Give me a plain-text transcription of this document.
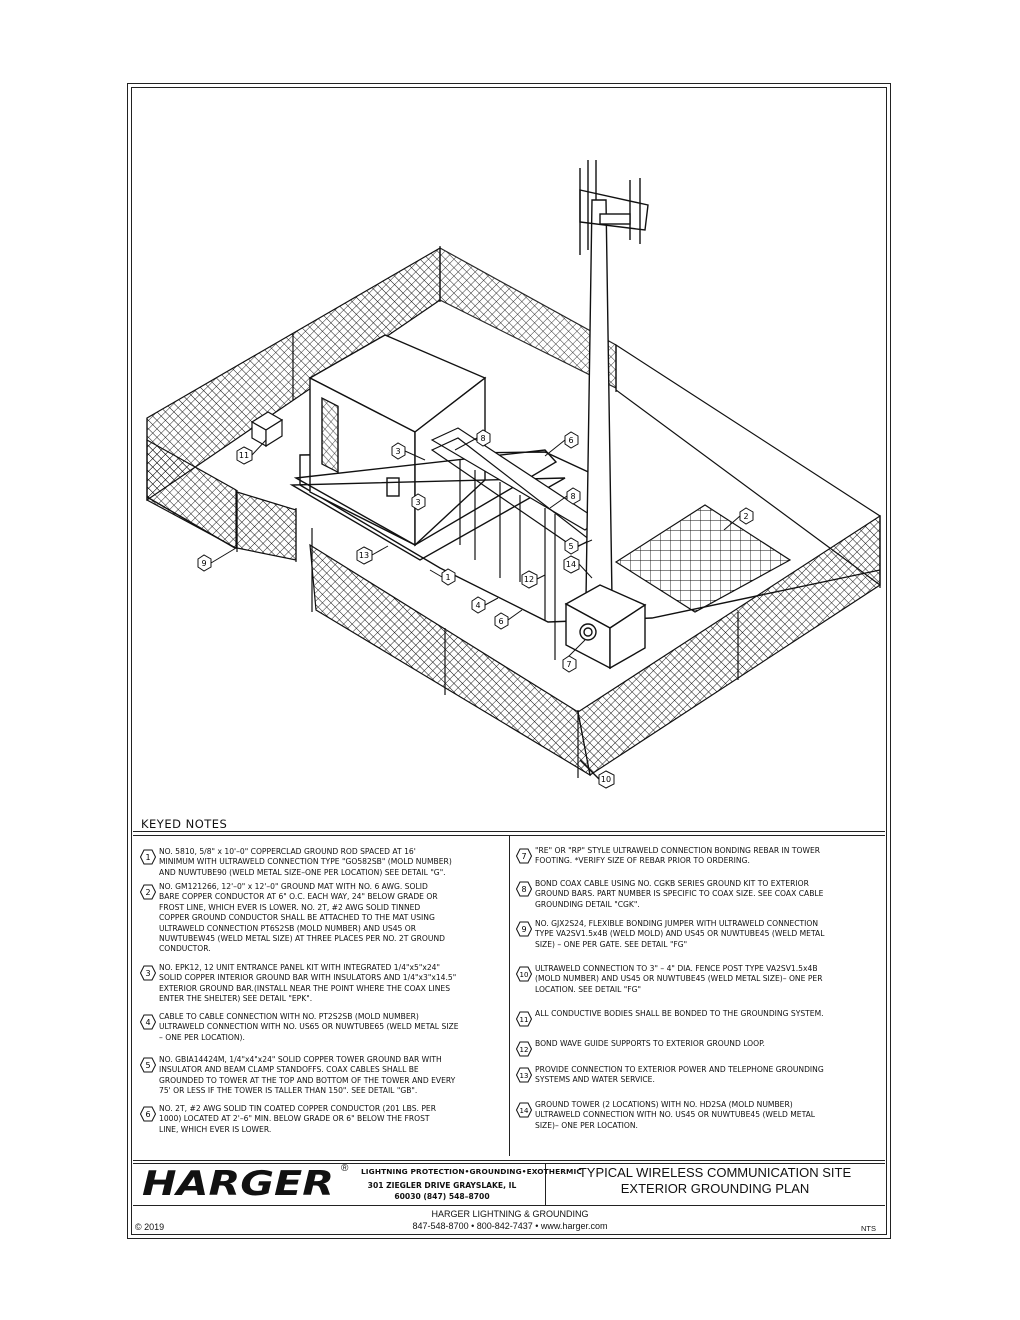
1
2
3
3
4
5
6
6
7
8
8
9
10
11
12
13
14
KEYED NOTES
1
NO. 5810, 5/8" x 10'–0" COPPERCLAD GROUND ROD SPACED AT 16'
MINIMUM WITH ULTRAWELD CONNECTION TYPE "GO582SB" (MOLD NUMBER)
AND NUWTUBE90 (WELD METAL SIZE–ONE PER LOCATION) SEE DETAIL "G".
2
NO. GM121266, 12'–0" x 12'–0" GROUND MAT WITH NO. 6 AWG. SOLID
BARE COPPER CONDUCTOR AT 6" O.C. EACH WAY, 24" BELOW GRADE OR
FROST LINE, WHICH EVER IS LOWER. NO. 2T, #2 AWG SOLID TINNED
COPPER GROUND CONDUCTOR SHALL BE ATTACHED TO THE MAT USING
ULTRAWELD CONNECTION PT6S2SB (MOLD NUMBER) AND US45 OR
NUWTUBEW45 (WELD METAL SIZE) AT THREE PLACES PER NO. 2T GROUND
CONDUCTOR.
3
NO. EPK12, 12 UNIT ENTRANCE PANEL KIT WITH INTEGRATED 1/4"x5"x24"
SOLID COPPER INTERIOR GROUND BAR WITH INSULATORS AND 1/4"x3"x14.5"
EXTERIOR GROUND BAR.(INSTALL NEAR THE POINT WHERE THE COAX LINES
ENTER THE SHELTER) SEE DETAIL "EPK".
4
CABLE TO CABLE CONNECTION WITH NO. PT2S2SB (MOLD NUMBER)
ULTRAWELD CONNECTION WITH NO. US65 OR NUWTUBE65 (WELD METAL SIZE
– ONE PER LOCATION).
5
NO. GBIA14424M, 1/4"x4"x24" SOLID COPPER TOWER GROUND BAR WITH
INSULATOR AND BEAM CLAMP STANDOFFS. COAX CABLES SHALL BE
GROUNDED TO TOWER AT THE TOP AND BOTTOM OF THE TOWER AND EVERY
75' OR LESS IF THE TOWER IS TALLER THAN 150". SEE DETAIL "GB".
6
NO. 2T, #2 AWG SOLID TIN COATED COPPER CONDUCTOR (201 LBS. PER
1000) LOCATED AT 2'–6" MIN. BELOW GRADE OR 6" BELOW THE FROST
LINE, WHICH EVER IS LOWER.
7
"RE" OR "RP" STYLE ULTRAWELD CONNECTION BONDING REBAR IN TOWER
FOOTING. *VERIFY SIZE OF REBAR PRIOR TO ORDERING.
8
BOND COAX CABLE USING NO. CGKB SERIES GROUND KIT TO EXTERIOR
GROUND BARS. PART NUMBER IS SPECIFIC TO COAX SIZE. SEE COAX CABLE
GROUNDING DETAIL "CGK".
9
NO. GJX2S24, FLEXIBLE BONDING JUMPER WITH ULTRAWELD CONNECTION
TYPE VA2SV1.5x4B (WELD MOLD) AND US45 OR NUWTUBE45 (WELD METAL
SIZE) – ONE PER GATE. SEE DETAIL "FG"
10
ULTRAWELD CONNECTION TO 3" – 4" DIA. FENCE POST TYPE VA2SV1.5x4B
(MOLD NUMBER) AND US45 OR NUWTUBE45 (WELD METAL SIZE)– ONE PER
LOCATION. SEE DETAIL "FG"
11
ALL CONDUCTIVE BODIES SHALL BE BONDED TO THE GROUNDING SYSTEM.
12
BOND WAVE GUIDE SUPPORTS TO EXTERIOR GROUND LOOP.
13
PROVIDE CONNECTION TO EXTERIOR POWER AND TELEPHONE GROUNDING
SYSTEMS AND WATER SERVICE.
14
GROUND TOWER (2 LOCATIONS) WITH NO. HD2SA (MOLD NUMBER)
ULTRAWELD CONNECTION WITH NO. US45 OR NUWTUBE45 (WELD METAL
SIZE)– ONE PER LOCATION.
HARGER ® LIGHTNING PROTECTION•GROUNDING•EXOTHERMIC
301 ZIEGLER DRIVE GRAYSLAKE, IL
60030 (847) 548–8700
TYPICAL WIRELESS COMMUNICATION SITE
EXTERIOR GROUNDING PLAN
HARGER LIGHTNING & GROUNDING
847-548-8700 • 800-842-7437 • www.harger.com
© 2019	NTS
